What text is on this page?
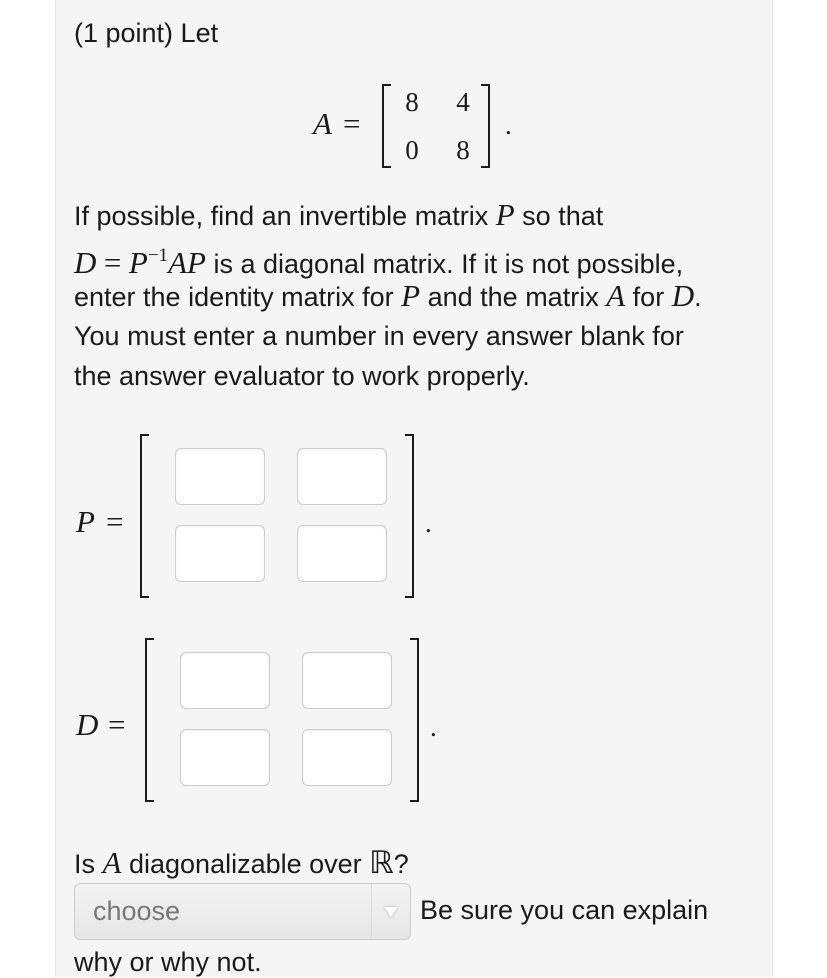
(1 point) Let
A =
8	4
0	8
.
If possible, find an invertible matrix P so that
$D = P^{-1}AP$ is a diagonal matrix. If it is not possible,
enter the identity matrix for P and the matrix A for D.
You must enter a number in every answer blank for
the answer evaluator to work properly.
P =	.
D =	.
Is A diagonalizable over ℝ?
choose	Be sure you can explain
why or why not.
